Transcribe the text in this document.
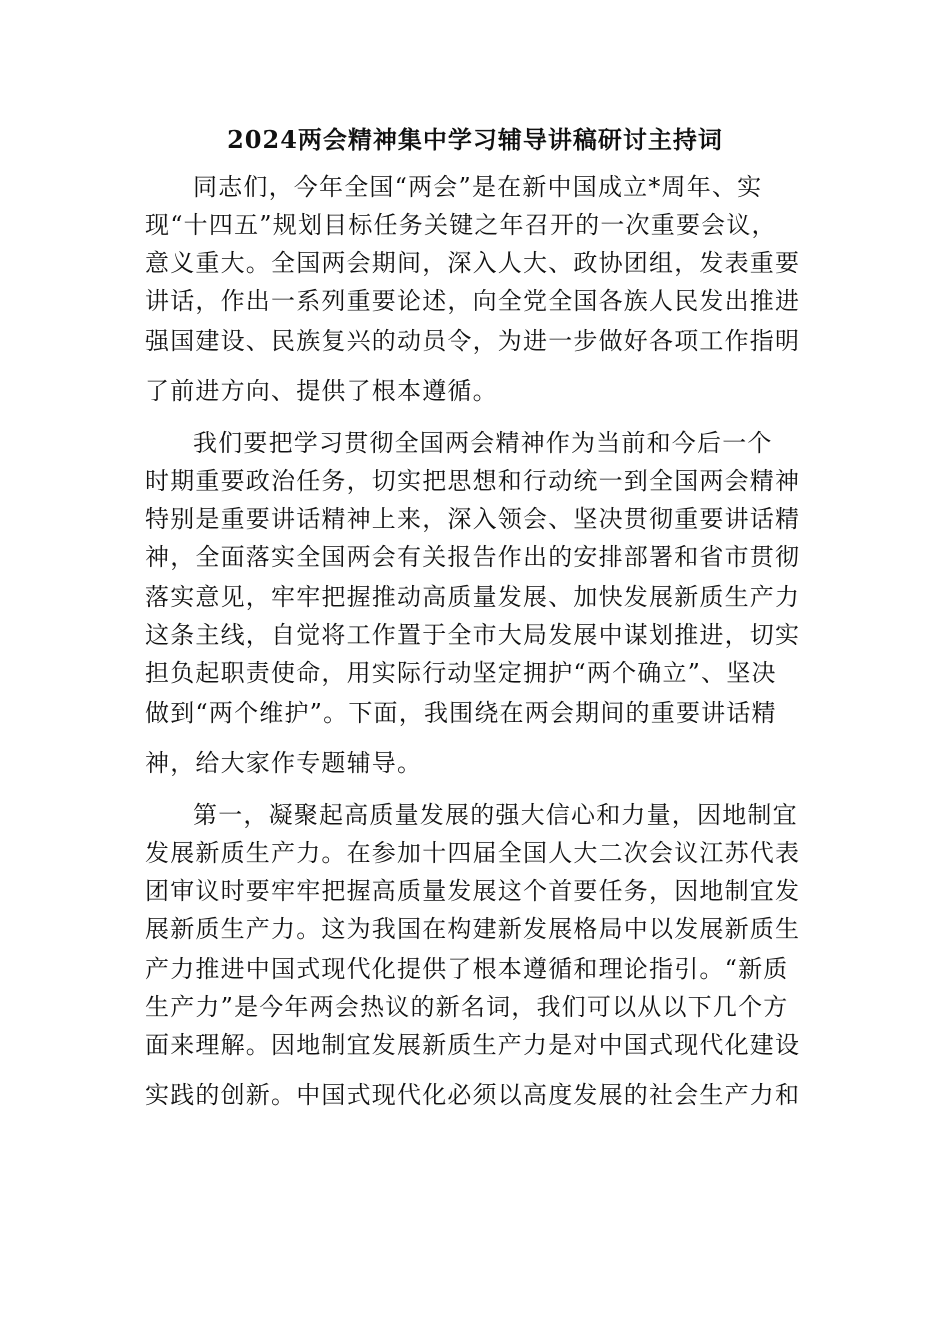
2024两会精神集中学习辅导讲稿研讨主持词

同志们，今年全国“两会”是在新中国成立*周年、实

现“十四五”规划目标任务关键之年召开的一次重要会议，

意义重大。全国两会期间，深入人大、政协团组，发表重要

讲话，作出一系列重要论述，向全党全国各族人民发出推进

强国建设、民族复兴的动员令，为进一步做好各项工作指明

了前进方向、提供了根本遵循。

我们要把学习贯彻全国两会精神作为当前和今后一个

时期重要政治任务，切实把思想和行动统一到全国两会精神

特别是重要讲话精神上来，深入领会、坚决贯彻重要讲话精

神，全面落实全国两会有关报告作出的安排部署和省市贯彻

落实意见，牢牢把握推动高质量发展、加快发展新质生产力

这条主线，自觉将工作置于全市大局发展中谋划推进，切实

担负起职责使命，用实际行动坚定拥护“两个确立”、坚决

做到“两个维护”。下面，我围绕在两会期间的重要讲话精

神，给大家作专题辅导。

第一，凝聚起高质量发展的强大信心和力量，因地制宜

发展新质生产力。在参加十四届全国人大二次会议江苏代表

团审议时要牢牢把握高质量发展这个首要任务，因地制宜发

展新质生产力。这为我国在构建新发展格局中以发展新质生

产力推进中国式现代化提供了根本遵循和理论指引。“新质

生产力”是今年两会热议的新名词，我们可以从以下几个方

面来理解。因地制宜发展新质生产力是对中国式现代化建设

实践的创新。中国式现代化必须以高度发展的社会生产力和
